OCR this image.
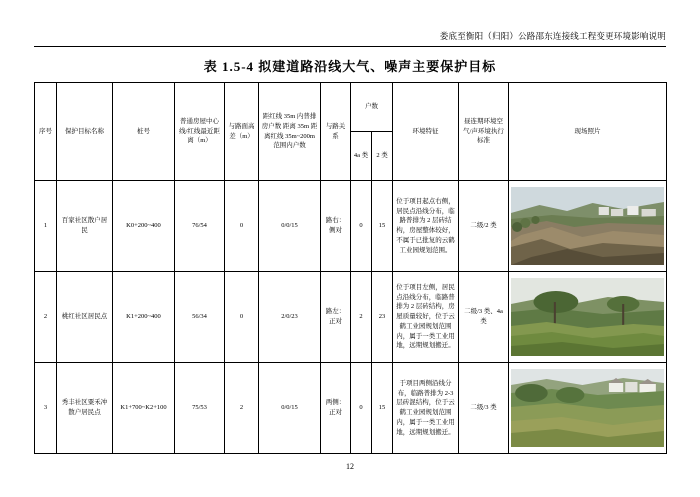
娄底至衡阳（归阳）公路邵东连接线工程变更环境影响说明
表 1.5-4 拟建道路沿线大气、噪声主要保护目标
序号	保护目标名称	桩号	普通房屋中心线/红线最近距离（m）	与路面高差（m）	距红线 35m 内普排房户数 距离 35m 距离红线 35m~200m 范围内户数	与路关系	户数		环境特征	昼连期环境空气/声环境执行标准	现场照片
							4a 类	2 类			
1	百家社区散户居民	K0+200~400	76/54	0	0/0/15	路右：侧对	0	15	位于项目起点右侧，居民点沿线分布，临路普排为 2 层砖结构，房屋整体较好，不属于已批复的云鹤工业园规划范围。	二级/2 类	

2	桃红社区居民点	K1+200~400	56/34	0	2/0/23	路左：正对	2	23	位于项目左侧，居民点沿线分布，临路普排为 2 层砖结构，房屋质量较好，位于云鹤工业园规划范围内，属于一类工业用地，远期规划搬迁。	二级/3 类、4a 类	

3	秀丰社区粟禾冲散户居民点	K1+700~K2+100	75/53	2	0/0/15	两侧：正对	0	15	于项目两侧沿线分布，临路普排为 2-3 层砖混结构，位于云鹤工业园规划范围内，属于一类工业用地，远期规划搬迁。	二级/3 类	
12
